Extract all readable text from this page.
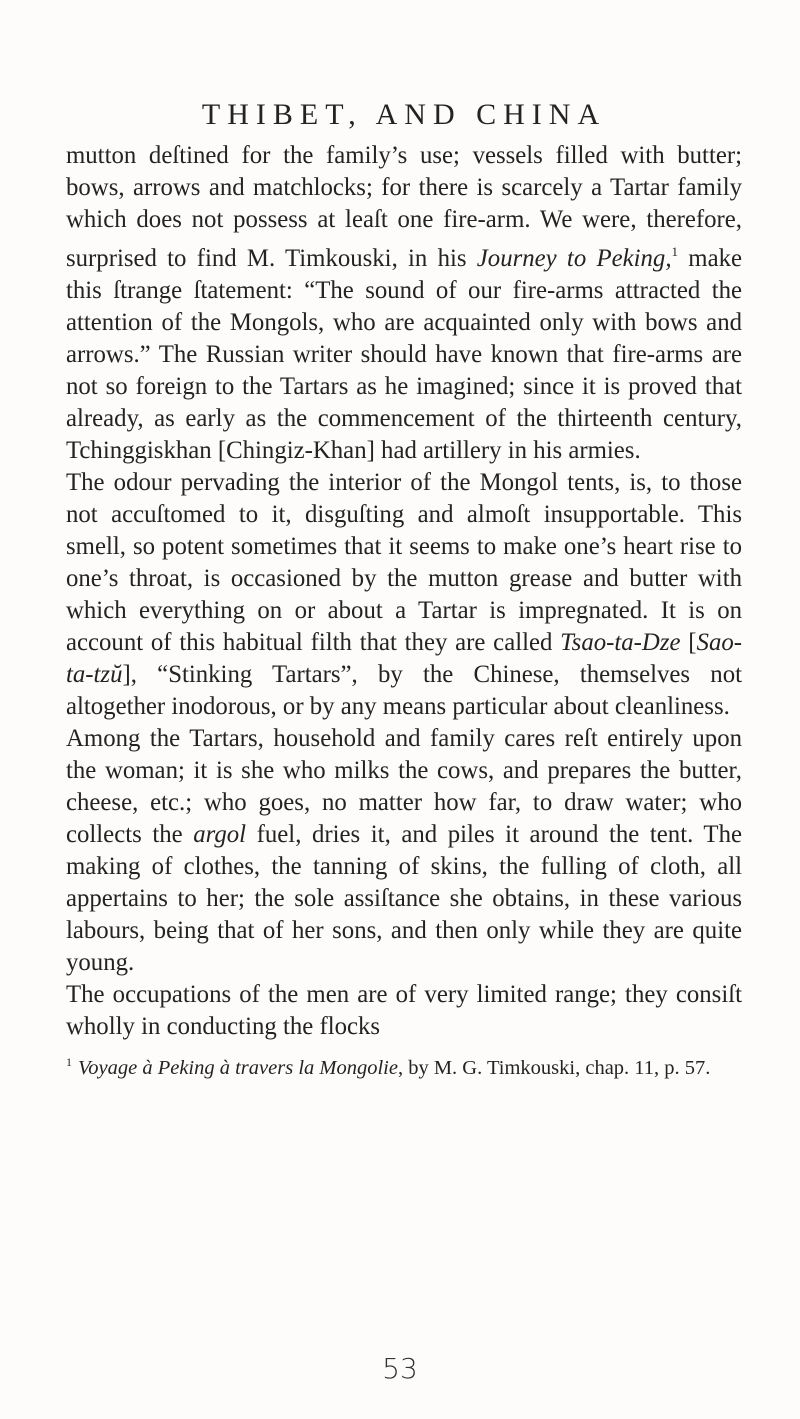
THIBET, AND CHINA

mutton deſtined for the family’s use; vessels filled with butter; bows, arrows and matchlocks; for there is scarcely a Tartar family which does not possess at leaſt one fire-arm. We were, therefore, surprised to find M. Timkouski, in his Journey to Peking,$^1$ make this ſtrange ſtatement: “The sound of our fire-arms attracted the attention of the Mongols, who are acquainted only with bows and arrows.” The Russian writer should have known that fire-arms are not so foreign to the Tartars as he imagined; since it is proved that already, as early as the commencement of the thirteenth century, Tchinggiskhan [Chingiz-Khan] had artillery in his armies.

The odour pervading the interior of the Mongol tents, is, to those not accuſtomed to it, disguſting and almoſt insupportable. This smell, so potent sometimes that it seems to make one’s heart rise to one’s throat, is occasioned by the mutton grease and butter with which everything on or about a Tartar is impregnated. It is on account of this habitual filth that they are called Tsao-ta-Dze [Sao-ta-tzŭ], “Stinking Tartars”, by the Chinese, themselves not altogether inodorous, or by any means particular about cleanliness.

Among the Tartars, household and family cares reſt entirely upon the woman; it is she who milks the cows, and prepares the butter, cheese, etc.; who goes, no matter how far, to draw water; who collects the argol fuel, dries it, and piles it around the tent. The making of clothes, the tanning of skins, the fulling of cloth, all appertains to her; the sole assiſtance she obtains, in these various labours, being that of her sons, and then only while they are quite young.

The occupations of the men are of very limited range; they consiſt wholly in conducting the flocks

$^1$ Voyage à Peking à travers la Mongolie, by M. G. Timkouski, chap. 11, p. 57.

53
